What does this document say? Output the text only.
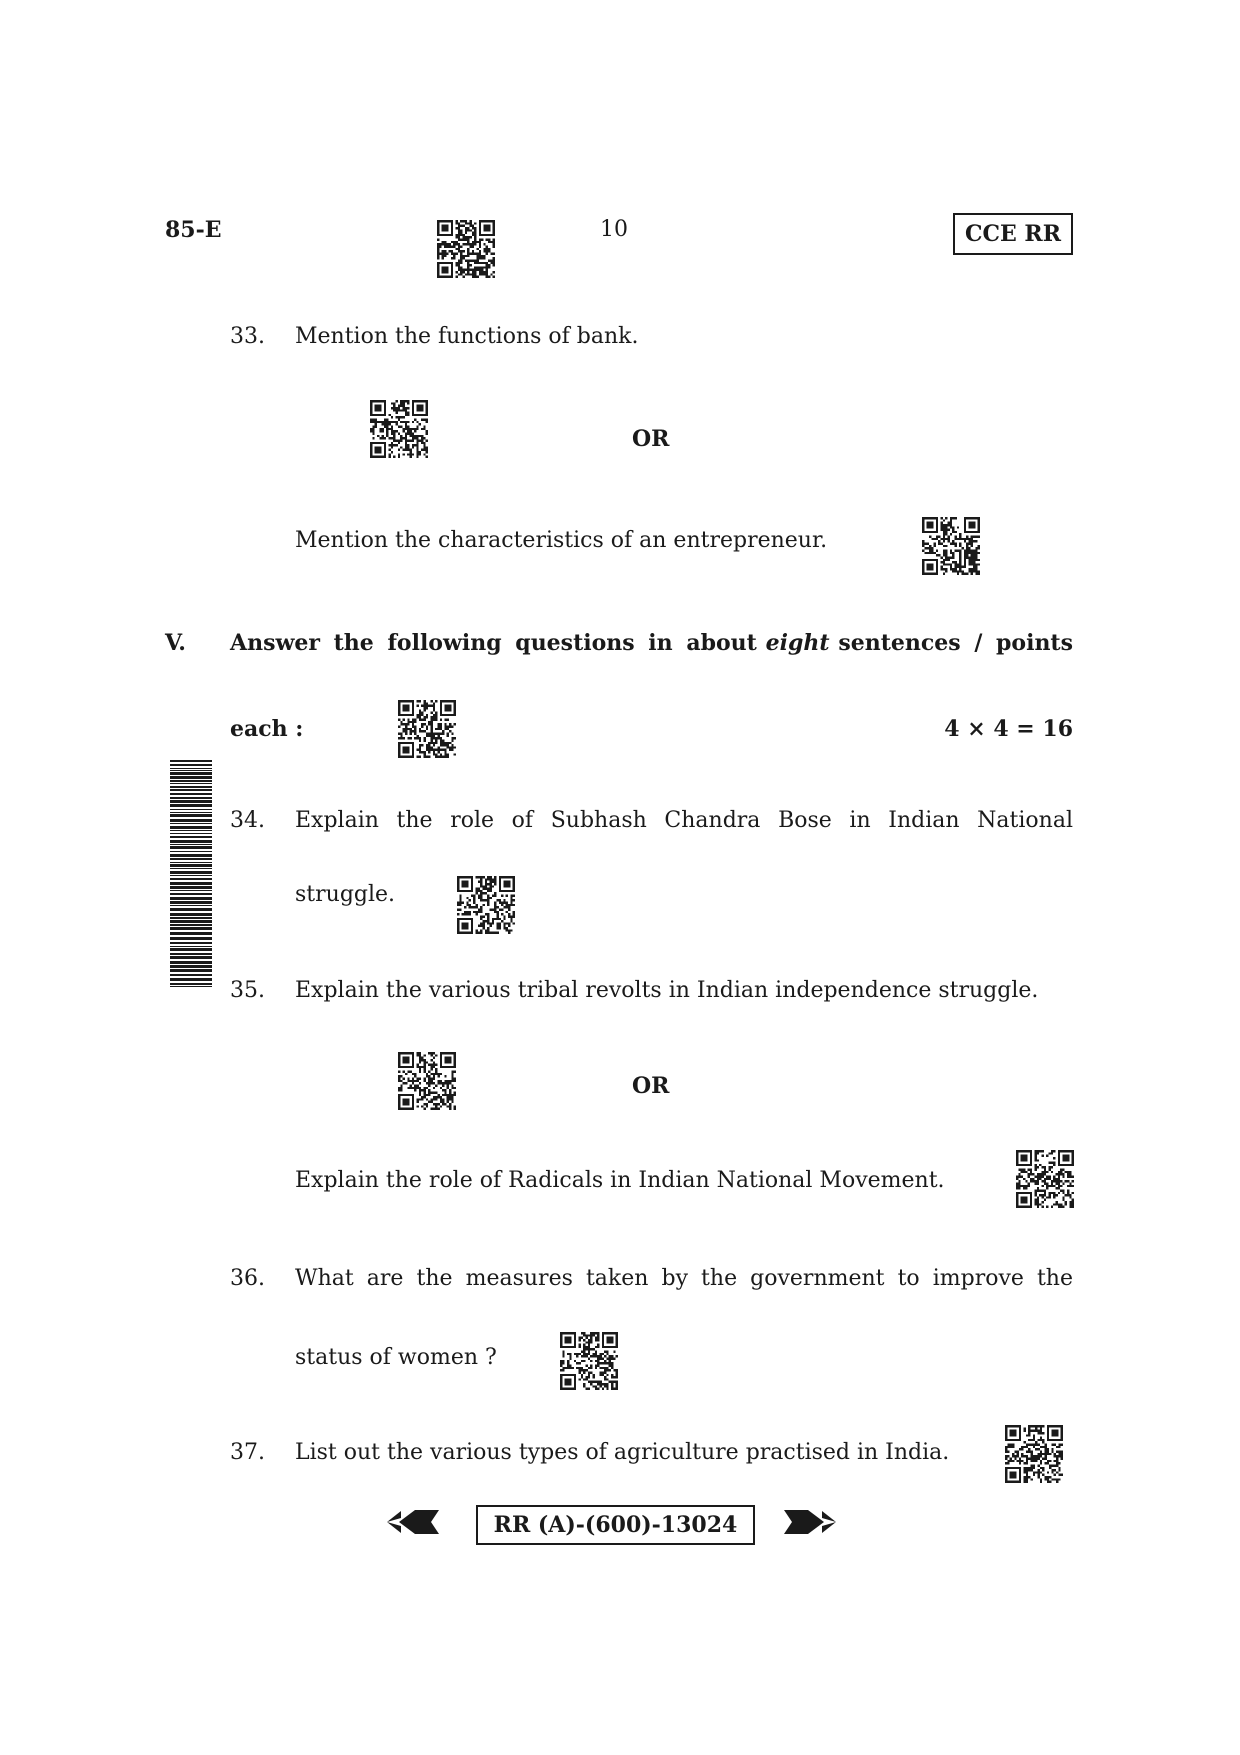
85-E	10	CCE RR
33. Mention the functions of bank.
OR
Mention the characteristics of an entrepreneur.
V. Answer the following questions in about eight sentences / points
each :	4 × 4 = 16
34. Explain the role of Subhash Chandra Bose in Indian National
struggle.
35. Explain the various tribal revolts in Indian independence struggle.
OR
Explain the role of Radicals in Indian National Movement.
36. What are the measures taken by the government to improve the
status of women ?
37. List out the various types of agriculture practised in India.
RR (A)-(600)-13024
